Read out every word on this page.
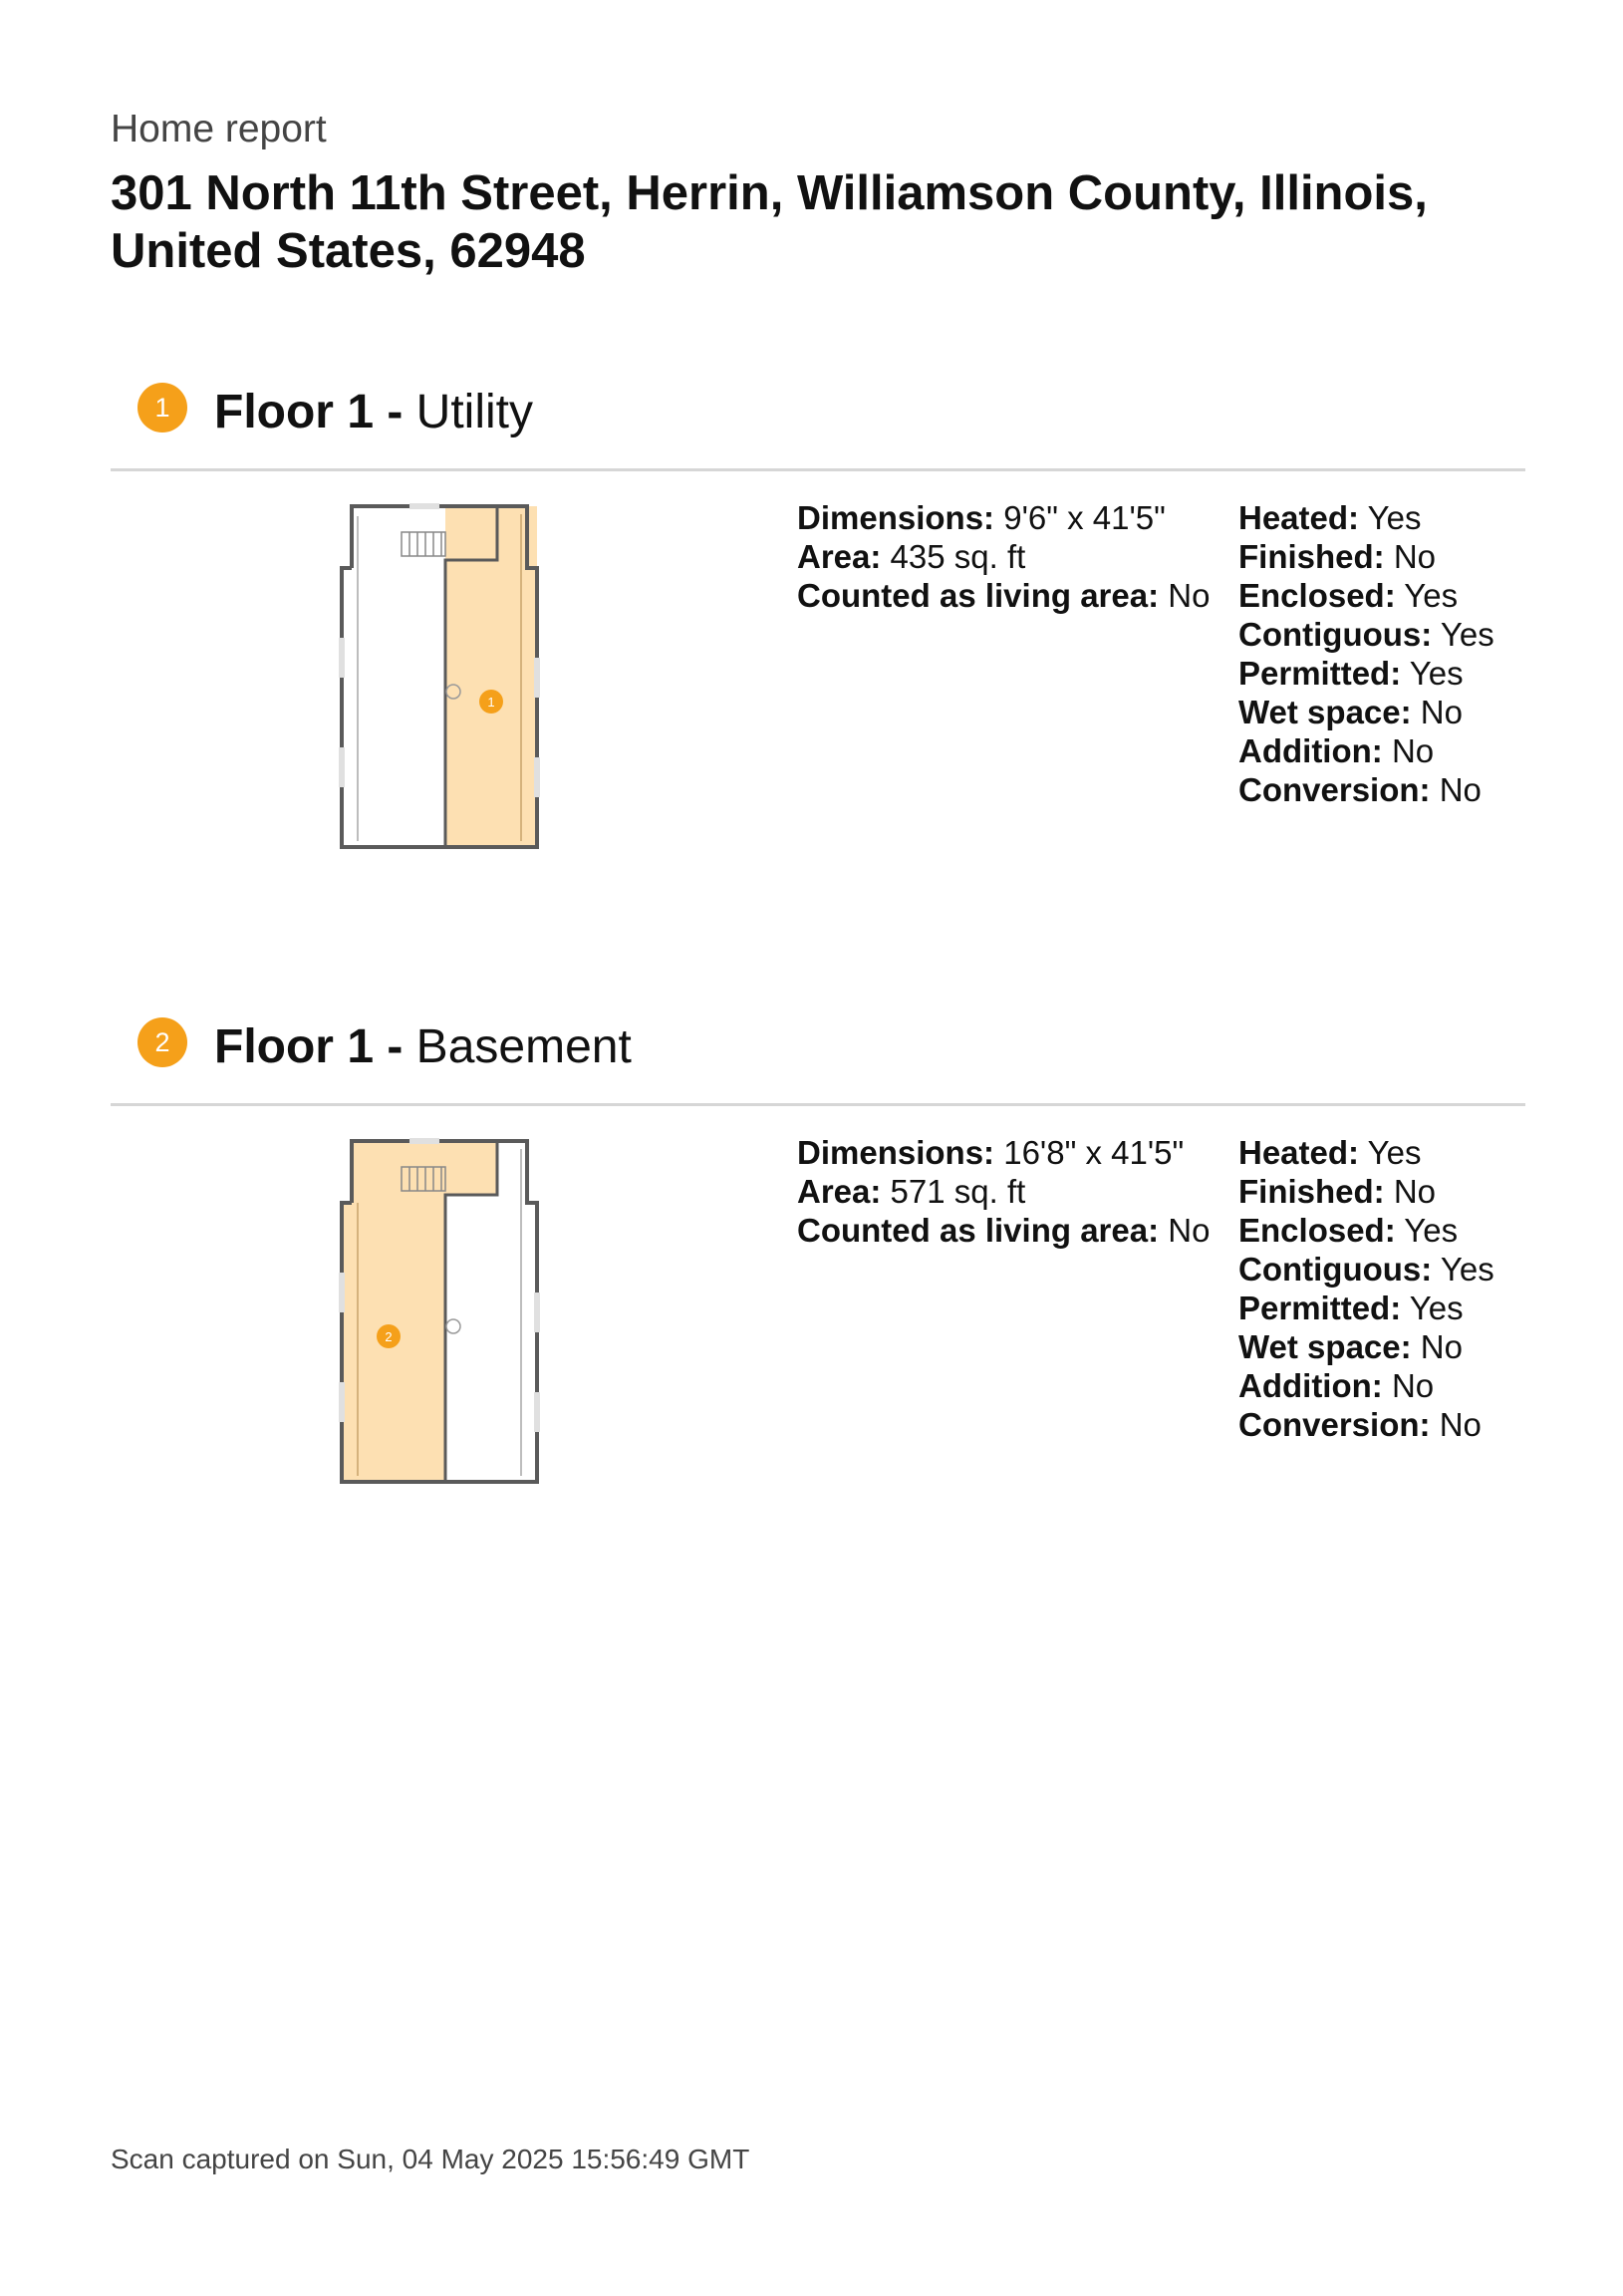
Home report
301 North 11th Street, Herrin, Williamson County, Illinois, United States, 62948
1 Floor 1 - Utility
1
Dimensions: 9'6" x 41'5"
Area: 435 sq. ft
Counted as living area: No
Heated: Yes
Finished: No
Enclosed: Yes
Contiguous: Yes
Permitted: Yes
Wet space: No
Addition: No
Conversion: No
2 Floor 1 - Basement
2
Dimensions: 16'8" x 41'5"
Area: 571 sq. ft
Counted as living area: No
Heated: Yes
Finished: No
Enclosed: Yes
Contiguous: Yes
Permitted: Yes
Wet space: No
Addition: No
Conversion: No
Scan captured on Sun, 04 May 2025 15:56:49 GMT
